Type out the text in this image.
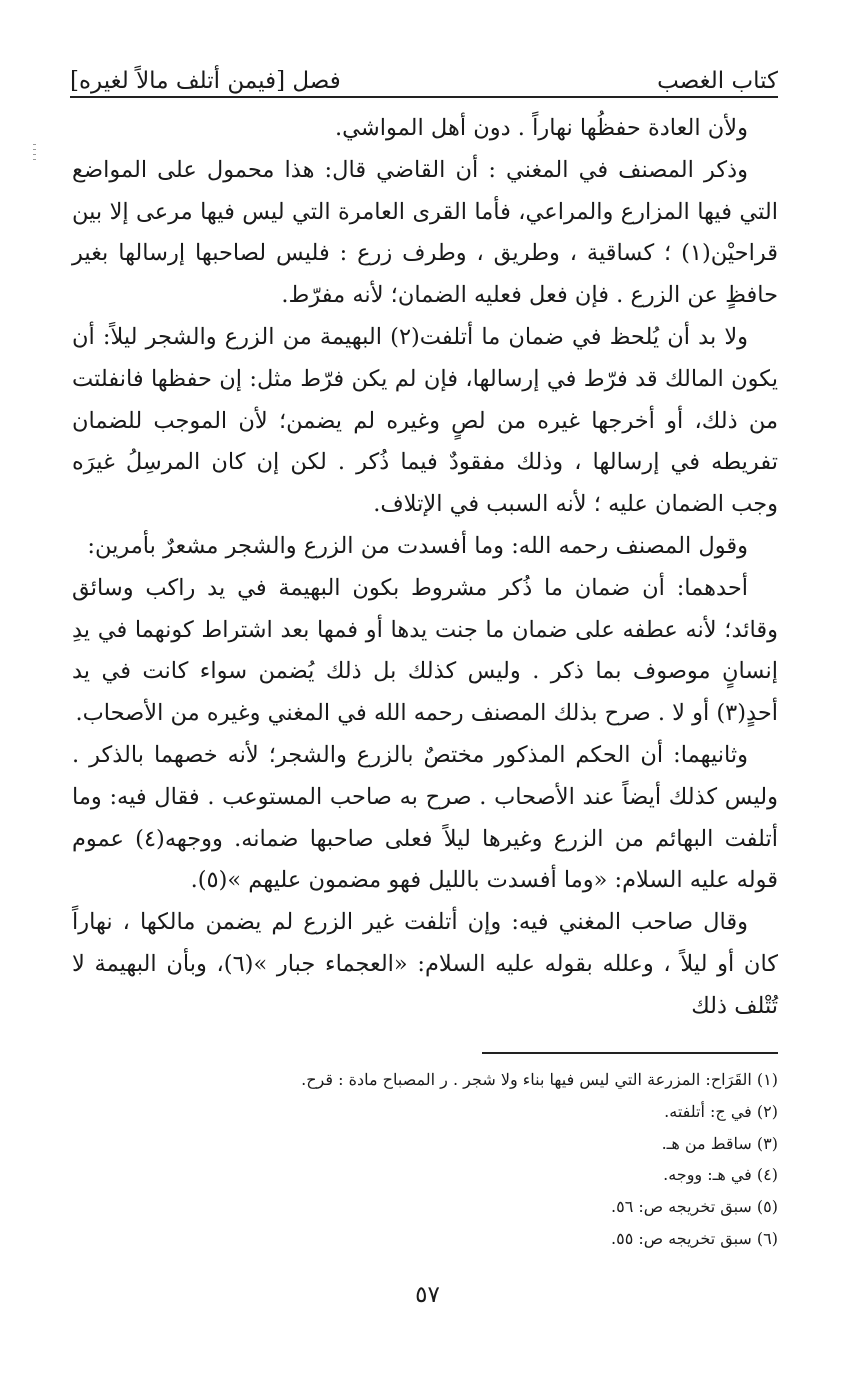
كتاب الغصب
فصل [فيمن أتلف مالاً لغيره]

ولأن العادة حفظُها نهاراً . دون أهل المواشي.

وذكر المصنف في المغني : أن القاضي قال: هذا محمول على المواضع التي فيها المزارع والمراعي، فأما القرى العامرة التي ليس فيها مرعى إلا بين قراحيْن(١) ؛ كساقية ، وطريق ، وطرف زرع : فليس لصاحبها إرسالها بغير حافظٍ عن الزرع . فإن فعل فعليه الضمان؛ لأنه مفرّط.

ولا بد أن يُلحظ في ضمان ما أتلفت(٢) البهيمة من الزرع والشجر ليلاً: أن يكون المالك قد فرّط في إرسالها، فإن لم يكن فرّط مثل: إن حفظها فانفلتت من ذلك، أو أخرجها غيره من لصٍ وغيره لم يضمن؛ لأن الموجب للضمان تفريطه في إرسالها ، وذلك مفقودٌ فيما ذُكر . لكن إن كان المرسِلُ غيرَه وجب الضمان عليه ؛ لأنه السبب في الإتلاف.

وقول المصنف رحمه الله: وما أفسدت من الزرع والشجر مشعرٌ بأمرين:

أحدهما: أن ضمان ما ذُكر مشروط بكون البهيمة في يد راكب وسائق وقائد؛ لأنه عطفه على ضمان ما جنت يدها أو فمها بعد اشتراط كونهما في يدِ إنسانٍ موصوف بما ذكر . وليس كذلك بل ذلك يُضمن سواء كانت في يد أحدٍ(٣) أو لا . صرح بذلك المصنف رحمه الله في المغني وغيره من الأصحاب.

وثانيهما: أن الحكم المذكور مختصٌ بالزرع والشجر؛ لأنه خصهما بالذكر . وليس كذلك أيضاً عند الأصحاب . صرح به صاحب المستوعب . فقال فيه: وما أتلفت البهائم من الزرع وغيرها ليلاً فعلى صاحبها ضمانه. ووجهه(٤) عموم قوله عليه السلام: «وما أفسدت بالليل فهو مضمون عليهم »(٥).

وقال صاحب المغني فيه: وإن أتلفت غير الزرع لم يضمن مالكها ، نهاراً كان أو ليلاً ، وعلله بقوله عليه السلام: «العجماء جبار »(٦)، وبأن البهيمة لا تُتْلف ذلك

(١) القَرَاح: المزرعة التي ليس فيها بناء ولا شجر . ر المصباح مادة : قرح.

(٢) في ج: أتلفته.

(٣) ساقط من هـ.

(٤) في هـ: ووجه.

(٥) سبق تخريجه ص: ٥٦.

(٦) سبق تخريجه ص: ٥٥.

٥٧
